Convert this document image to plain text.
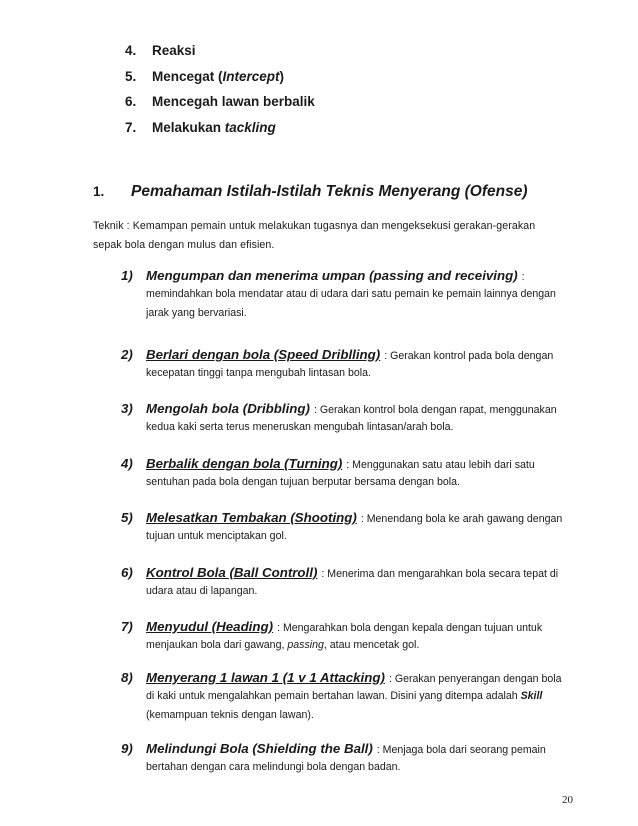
4. Reaksi
5. Mencegat (Intercept)
6. Mencegah lawan berbalik
7. Melakukan tackling
1. Pemahaman Istilah-Istilah Teknis Menyerang (Ofense)
Teknik : Kemampan pemain untuk melakukan tugasnya dan mengeksekusi gerakan-gerakan sepak bola dengan mulus dan efisien.
1) Mengumpan dan menerima umpan (passing and receiving) :
memindahkan bola mendatar atau di udara dari satu pemain ke pemain lainnya dengan jarak yang bervariasi.
2) Berlari dengan bola (Speed Driblling) : Gerakan kontrol pada bola dengan
kecepatan tinggi tanpa mengubah lintasan bola.
3) Mengolah bola (Dribbling) : Gerakan kontrol bola dengan rapat, menggunakan
kedua kaki serta terus meneruskan mengubah lintasan/arah bola.
4) Berbalik dengan bola (Turning) : Menggunakan satu atau lebih dari satu
sentuhan pada bola dengan tujuan berputar bersama dengan bola.
5) Melesatkan Tembakan (Shooting) : Menendang bola ke arah gawang dengan
tujuan untuk menciptakan gol.
6) Kontrol Bola (Ball Controll) : Menerima dan mengarahkan bola secara tepat di
udara atau di lapangan.
7) Menyudul (Heading) : Mengarahkan bola dengan kepala dengan tujuan untuk
menjaukan bola dari gawang, passing, atau mencetak gol.
8) Menyerang 1 lawan 1 (1 v 1 Attacking) : Gerakan penyerangan dengan bola
di kaki untuk mengalahkan pemain bertahan lawan. Disini yang ditempa adalah Skill (kemampuan teknis dengan lawan).
9) Melindungi Bola (Shielding the Ball) : Menjaga bola dari seorang pemain
bertahan dengan cara melindungi bola dengan badan.
20
